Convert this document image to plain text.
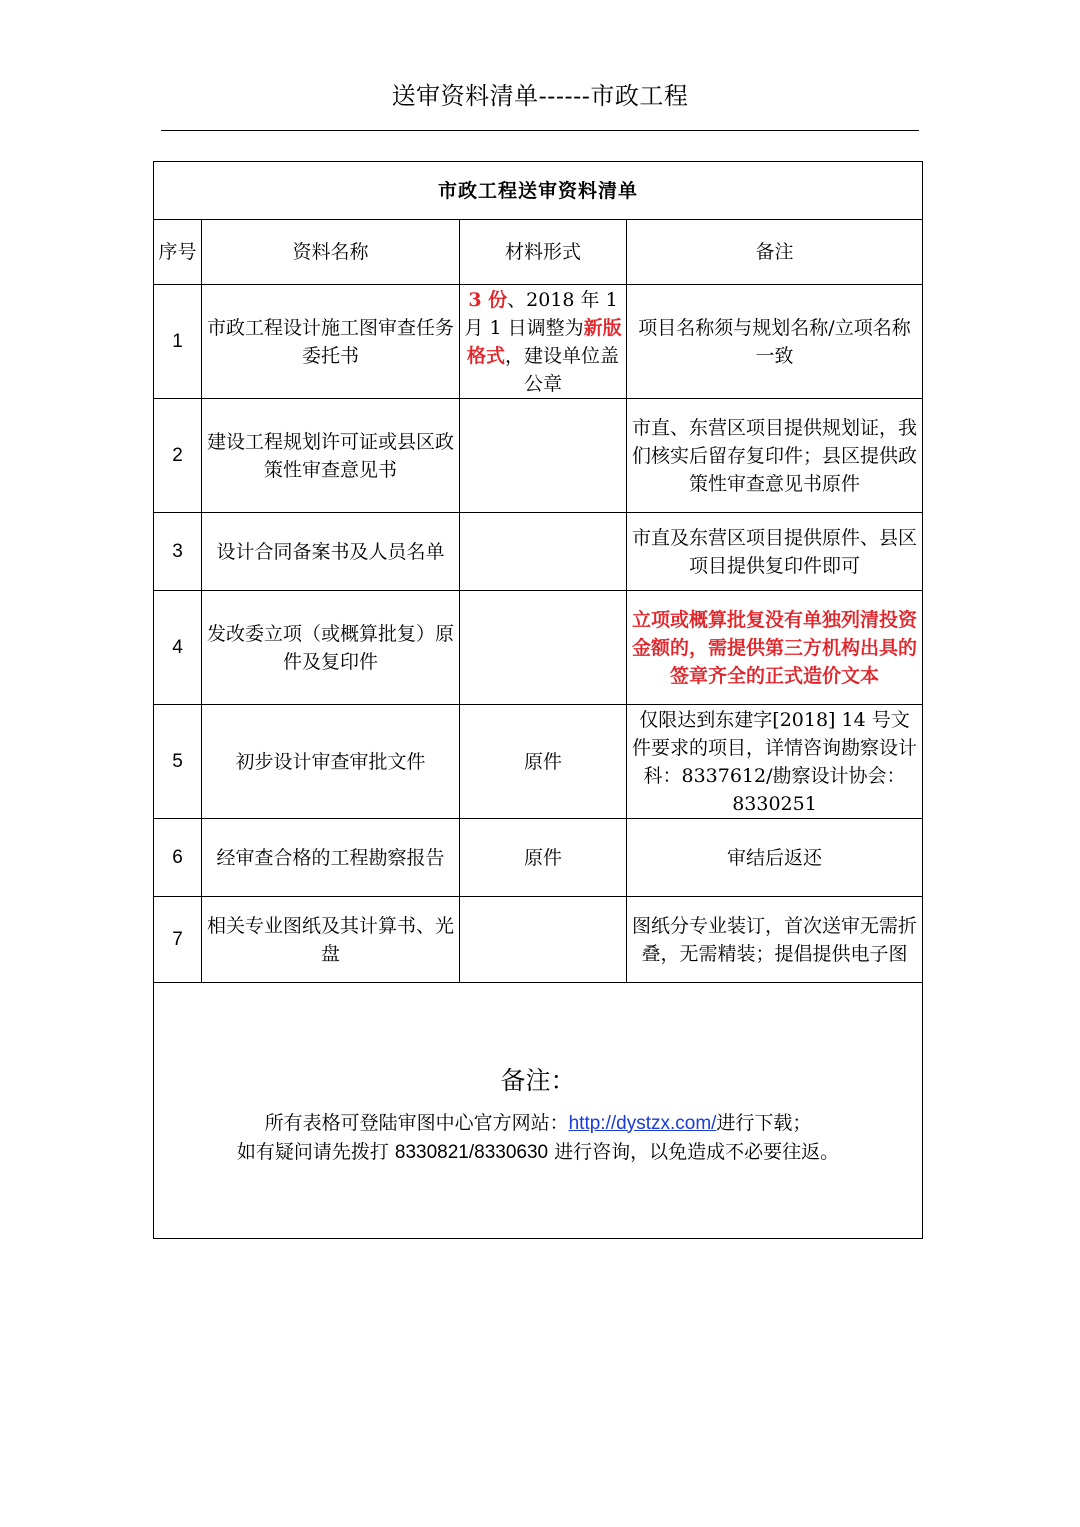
送审资料清单------市政工程
市政工程送审资料清单			
序号	资料名称	材料形式	备注
1	市政工程设计施工图审查任务委托书	3 份、2018 年 1 月 1 日调整为新版格式，建设单位盖公章	项目名称须与规划名称/立项名称一致
2	建设工程规划许可证或县区政策性审查意见书		市直、东营区项目提供规划证，我们核实后留存复印件；县区提供政策性审查意见书原件
3	设计合同备案书及人员名单		市直及东营区项目提供原件、县区项目提供复印件即可
4	发改委立项（或概算批复）原件及复印件		立项或概算批复没有单独列清投资金额的，需提供第三方机构出具的签章齐全的正式造价文本
5	初步设计审查审批文件	原件	仅限达到东建字[2018] 14 号文件要求的项目，详情咨询勘察设计科：8337612/勘察设计协会：8330251
6	经审查合格的工程勘察报告	原件	审结后返还
7	相关专业图纸及其计算书、光盘		图纸分专业装订，首次送审无需折叠，无需精装；提倡提供电子图

备注：
所有表格可登陆审图中心官方网站：http://dystzx.com/进行下载；
如有疑问请先拨打 8330821/8330630 进行咨询，以免造成不必要往返。			
